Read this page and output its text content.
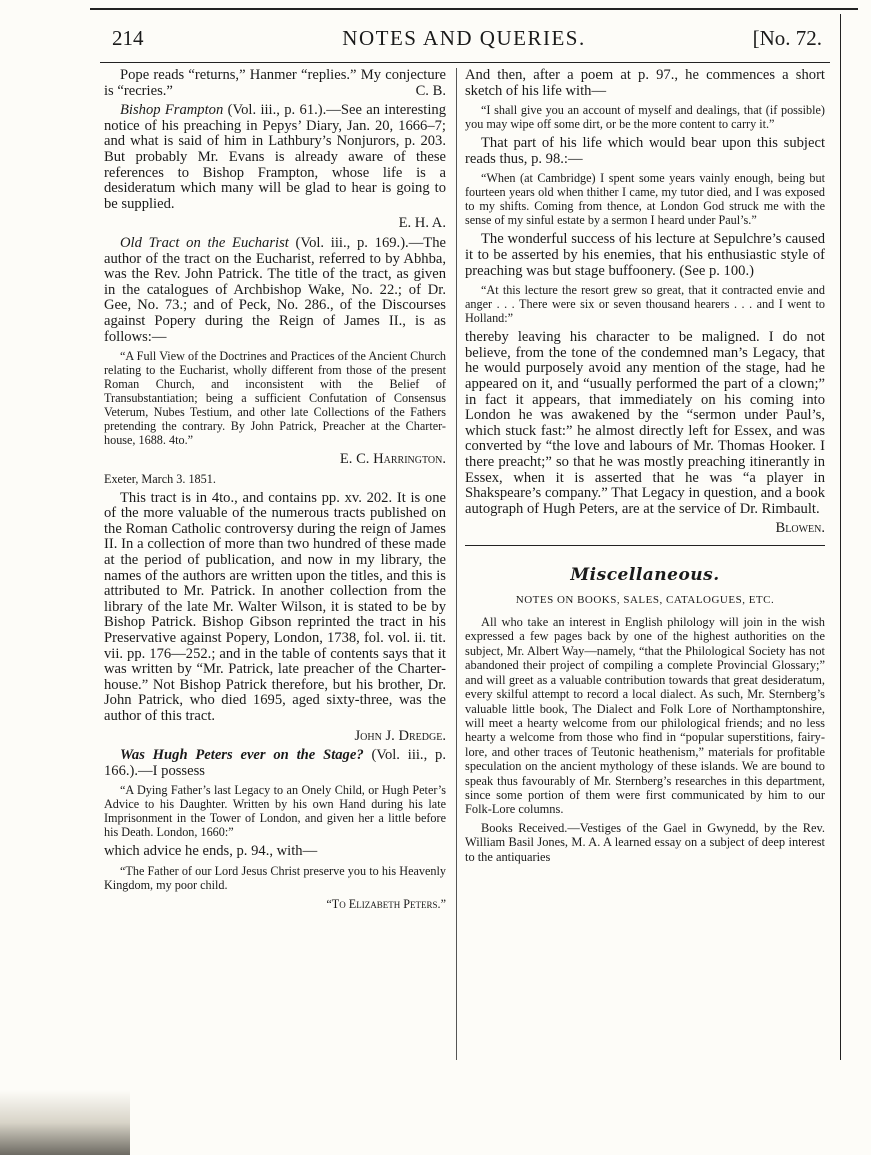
214	NOTES AND QUERIES.	[No. 72.

Pope reads “returns,” Hanmer “replies.” My conjecture is “recries.”	C. B.

Bishop Frampton (Vol. iii., p. 61.).—See an interesting notice of his preaching in Pepys’ Diary, Jan. 20, 1666–7; and what is said of him in Lathbury’s Nonjurors, p. 203. But probably Mr. Evans is already aware of these references to Bishop Frampton, whose life is a desideratum which many will be glad to hear is going to be supplied.

E. H. A.

Old Tract on the Eucharist (Vol. iii., p. 169.).—The author of the tract on the Eucharist, referred to by Abhba, was the Rev. John Patrick. The title of the tract, as given in the catalogues of Archbishop Wake, No. 22.; of Dr. Gee, No. 73.; and of Peck, No. 286., of the Discourses against Popery during the Reign of James II., is as follows:—

“A Full View of the Doctrines and Practices of the Ancient Church relating to the Eucharist, wholly different from those of the present Roman Church, and inconsistent with the Belief of Transubstantiation; being a sufficient Confutation of Consensus Veterum, Nubes Testium, and other late Collections of the Fathers pretending the contrary. By John Patrick, Preacher at the Charter-house, 1688. 4to.”

E. C. Harrington.

Exeter, March 3. 1851.

This tract is in 4to., and contains pp. xv. 202. It is one of the more valuable of the numerous tracts published on the Roman Catholic controversy during the reign of James II. In a collection of more than two hundred of these made at the period of publication, and now in my library, the names of the authors are written upon the titles, and this is attributed to Mr. Patrick. In another collection from the library of the late Mr. Walter Wilson, it is stated to be by Bishop Patrick. Bishop Gibson reprinted the tract in his Preservative against Popery, London, 1738, fol. vol. ii. tit. vii. pp. 176—252.; and in the table of contents says that it was written by “Mr. Patrick, late preacher of the Charter-house.” Not Bishop Patrick therefore, but his brother, Dr. John Patrick, who died 1695, aged sixty-three, was the author of this tract.

John J. Dredge.

Was Hugh Peters ever on the Stage? (Vol. iii., p. 166.).—I possess

“A Dying Father’s last Legacy to an Onely Child, or Hugh Peter’s Advice to his Daughter. Written by his own Hand during his late Imprisonment in the Tower of London, and given her a little before his Death. London, 1660:”

which advice he ends, p. 94., with—

“The Father of our Lord Jesus Christ preserve you to his Heavenly Kingdom, my poor child.

“To Elizabeth Peters.”

And then, after a poem at p. 97., he commences a short sketch of his life with—

“I shall give you an account of myself and dealings, that (if possible) you may wipe off some dirt, or be the more content to carry it.”

That part of his life which would bear upon this subject reads thus, p. 98.:—

“When (at Cambridge) I spent some years vainly enough, being but fourteen years old when thither I came, my tutor died, and I was exposed to my shifts. Coming from thence, at London God struck me with the sense of my sinful estate by a sermon I heard under Paul’s.”

The wonderful success of his lecture at Sepulchre’s caused it to be asserted by his enemies, that his enthusiastic style of preaching was but stage buffoonery. (See p. 100.)

“At this lecture the resort grew so great, that it contracted envie and anger . . . There were six or seven thousand hearers . . . and I went to Holland:”

thereby leaving his character to be maligned. I do not believe, from the tone of the condemned man’s Legacy, that he would purposely avoid any mention of the stage, had he appeared on it, and “usually performed the part of a clown;” in fact it appears, that immediately on his coming into London he was awakened by the “sermon under Paul’s, which stuck fast:” he almost directly left for Essex, and was converted by “the love and labours of Mr. Thomas Hooker. I there preacht;” so that he was mostly preaching itinerantly in Essex, when it is asserted that he was “a player in Shakspeare’s company.” That Legacy in question, and a book autograph of Hugh Peters, are at the service of Dr. Rimbault.

Blowen.

Miscellaneous.
NOTES ON BOOKS, SALES, CATALOGUES, ETC.

All who take an interest in English philology will join in the wish expressed a few pages back by one of the highest authorities on the subject, Mr. Albert Way—namely, “that the Philological Society has not abandoned their project of compiling a complete Provincial Glossary;” and will greet as a valuable contribution towards that great desideratum, every skilful attempt to record a local dialect. As such, Mr. Sternberg’s valuable little book, The Dialect and Folk Lore of Northamptonshire, will meet a hearty welcome from our philological friends; and no less hearty a welcome from those who find in “popular superstitions, fairy-lore, and other traces of Teutonic heathenism,” materials for profitable speculation on the ancient mythology of these islands. We are bound to speak thus favourably of Mr. Sternberg’s researches in this department, since some portion of them were first communicated by him to our Folk-Lore columns.

Books Received.—Vestiges of the Gael in Gwynedd, by the Rev. William Basil Jones, M. A. A learned essay on a subject of deep interest to the antiquaries
